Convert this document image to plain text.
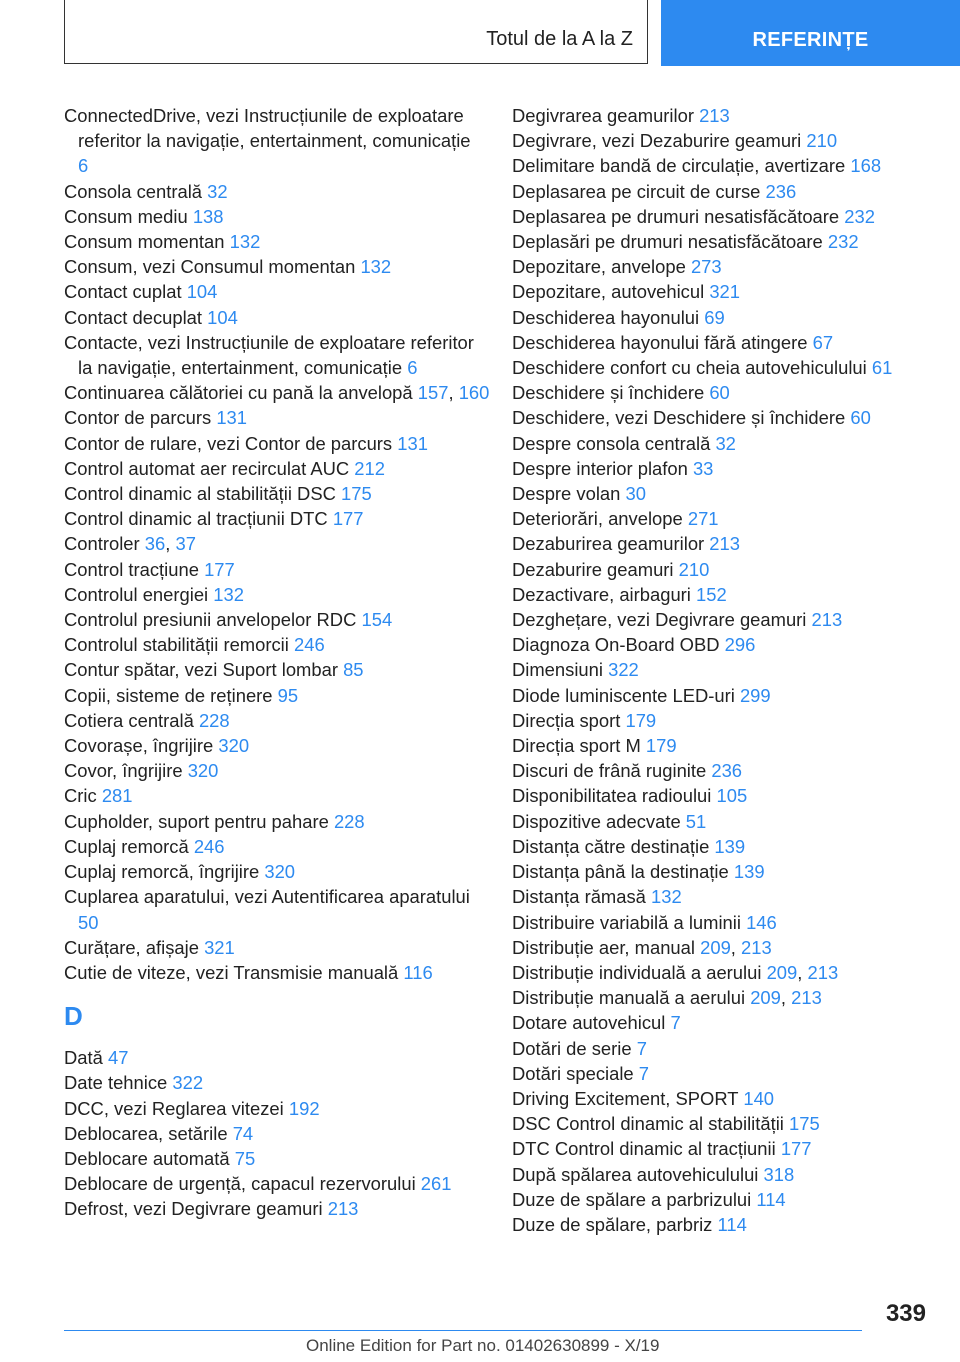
Totul de la A la Z	REFERINȚE
ConnectedDrive, vezi Instrucțiunile de exploatare referitor la navigație, entertainment, comunicație 6
Consola centrală 32
Consum mediu 138
Consum momentan 132
Consum, vezi Consumul momentan 132
Contact cuplat 104
Contact decuplat 104
Contacte, vezi Instrucțiunile de exploatare referitor la navigație, entertainment, comunicație 6
Continuarea călătoriei cu pană la anvelopă 157, 160
Contor de parcurs 131
Contor de rulare, vezi Contor de parcurs 131
Control automat aer recirculat AUC 212
Control dinamic al stabilității DSC 175
Control dinamic al tracțiunii DTC 177
Controler 36, 37
Control tracțiune 177
Controlul energiei 132
Controlul presiunii anvelopelor RDC 154
Controlul stabilității remorcii 246
Contur spătar, vezi Suport lombar 85
Copii, sisteme de reținere 95
Cotiera centrală 228
Covorașe, îngrijire 320
Covor, îngrijire 320
Cric 281
Cupholder, suport pentru pahare 228
Cuplaj remorcă 246
Cuplaj remorcă, îngrijire 320
Cuplarea aparatului, vezi Autentificarea aparatului 50
Curățare, afișaje 321
Cutie de viteze, vezi Transmisie manuală 116
D
Dată 47
Date tehnice 322
DCC, vezi Reglarea vitezei 192
Deblocarea, setările 74
Deblocare automată 75
Deblocare de urgență, capacul rezervorului 261
Defrost, vezi Degivrare geamuri 213
Degivrarea geamurilor 213
Degivrare, vezi Dezaburire geamuri 210
Delimitare bandă de circulație, avertizare 168
Deplasarea pe circuit de curse 236
Deplasarea pe drumuri nesatisfăcătoare 232
Deplasări pe drumuri nesatisfăcătoare 232
Depozitare, anvelope 273
Depozitare, autovehicul 321
Deschiderea hayonului 69
Deschiderea hayonului fără atingere 67
Deschidere confort cu cheia autovehiculului 61
Deschidere și închidere 60
Deschidere, vezi Deschidere și închidere 60
Despre consola centrală 32
Despre interior plafon 33
Despre volan 30
Deteriorări, anvelope 271
Dezaburirea geamurilor 213
Dezaburire geamuri 210
Dezactivare, airbaguri 152
Dezghețare, vezi Degivrare geamuri 213
Diagnoza On-Board OBD 296
Dimensiuni 322
Diode luminiscente LED-uri 299
Direcția sport 179
Direcția sport M 179
Discuri de frână ruginite 236
Disponibilitatea radioului 105
Dispozitive adecvate 51
Distanța către destinație 139
Distanța până la destinație 139
Distanța rămasă 132
Distribuire variabilă a luminii 146
Distribuție aer, manual 209, 213
Distribuție individuală a aerului 209, 213
Distribuție manuală a aerului 209, 213
Dotare autovehicul 7
Dotări de serie 7
Dotări speciale 7
Driving Excitement, SPORT 140
DSC Control dinamic al stabilității 175
DTC Control dinamic al tracțiunii 177
După spălarea autovehiculului 318
Duze de spălare a parbrizului 114
Duze de spălare, parbriz 114
339
Online Edition for Part no. 01402630899 - X/19
